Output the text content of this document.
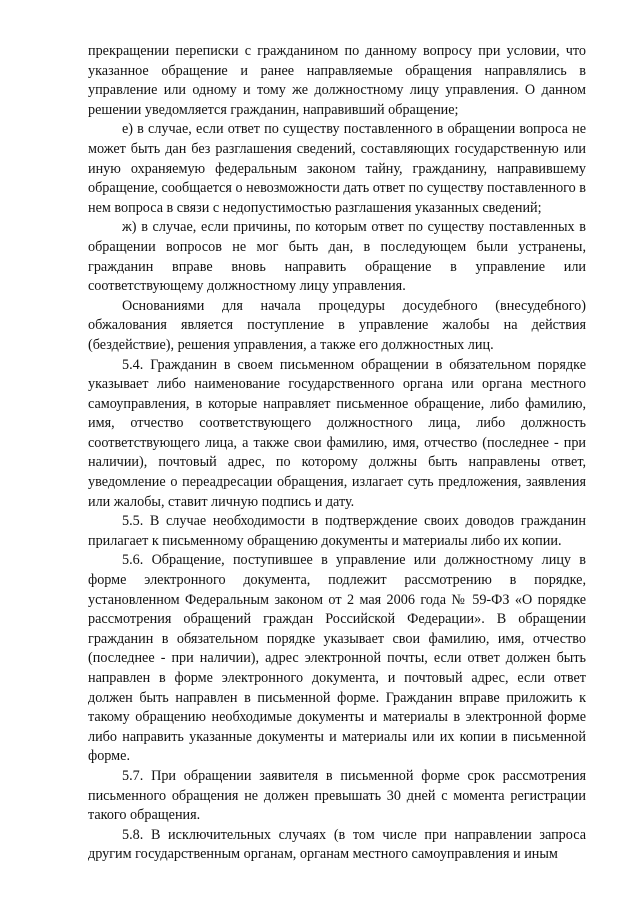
прекращении переписки с гражданином по данному вопросу при условии, что указанное обращение и ранее направляемые обращения направлялись в управление или одному и тому же должностному лицу управления. О данном решении уведомляется гражданин, направивший обращение;

е) в случае, если ответ по существу поставленного в обращении вопроса не может быть дан без разглашения сведений, составляющих государственную или иную охраняемую федеральным законом тайну, гражданину, направившему обращение, сообщается о невозможности дать ответ по существу поставленного в нем вопроса в связи с недопустимостью разглашения указанных сведений;

ж) в случае, если причины, по которым ответ по существу поставленных в обращении вопросов не мог быть дан, в последующем были устранены, гражданин вправе вновь направить обращение в управление или соответствующему должностному лицу управления.

Основаниями для начала процедуры досудебного (внесудебного) обжалования является поступление в управление жалобы на действия (бездействие), решения управления, а также его должностных лиц.

5.4. Гражданин в своем письменном обращении в обязательном порядке указывает либо наименование государственного органа или органа местного самоуправления, в которые направляет письменное обращение, либо фамилию, имя, отчество соответствующего должностного лица, либо должность соответствующего лица, а также свои фамилию, имя, отчество (последнее - при наличии), почтовый адрес, по которому должны быть направлены ответ, уведомление о переадресации обращения, излагает суть предложения, заявления или жалобы, ставит личную подпись и дату.

5.5. В случае необходимости в подтверждение своих доводов гражданин прилагает к письменному обращению документы и материалы либо их копии.

5.6. Обращение, поступившее в управление или должностному лицу в форме электронного документа, подлежит рассмотрению в порядке, установленном Федеральным законом от 2 мая 2006 года № 59-ФЗ «О порядке рассмотрения обращений граждан Российской Федерации». В обращении гражданин в обязательном порядке указывает свои фамилию, имя, отчество (последнее - при наличии), адрес электронной почты, если ответ должен быть направлен в форме электронного документа, и почтовый адрес, если ответ должен быть направлен в письменной форме. Гражданин вправе приложить к такому обращению необходимые документы и материалы в электронной форме либо направить указанные документы и материалы или их копии в письменной форме.

5.7. При обращении заявителя в письменной форме срок рассмотрения письменного обращения не должен превышать 30 дней с момента регистрации такого обращения.

5.8. В исключительных случаях (в том числе при направлении запроса другим государственным органам, органам местного самоуправления и иным
